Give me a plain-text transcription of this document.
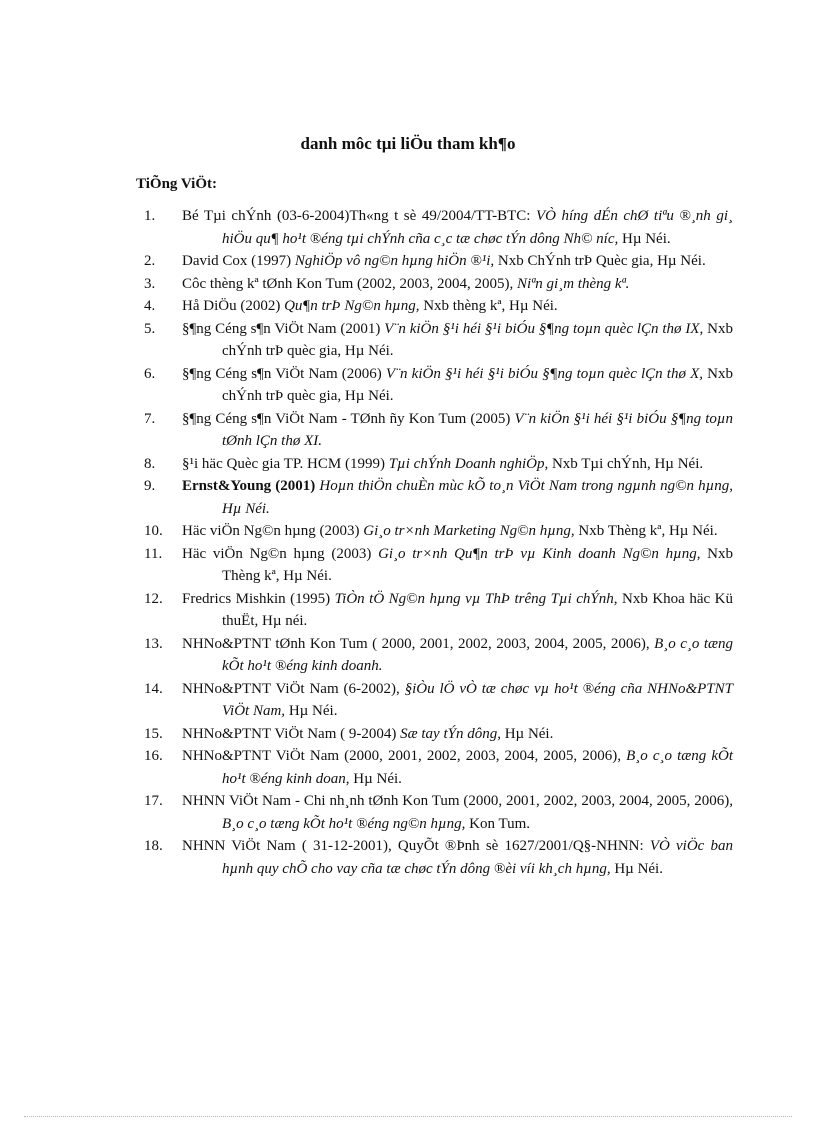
danh môc tµi liÖu tham kh¶o
TiÕng ViÖt:
1. Bé Tµi chÝnh (03-6-2004)Th«ng t sè 49/2004/TT-BTC: VÒ híng dÉn chØ tiªu ®¸nh gi¸ hiÖu qu¶ ho¹t ®éng tµi chÝnh cña c¸c tæ chøc tÝn dông Nh© níc, Hµ Néi.
2. David Cox (1997) NghiÖp vô ng©n hµng hiÖn ®¹i, Nxb ChÝnh trÞ Quèc gia, Hµ Néi.
3. Côc thèng kª tØnh Kon Tum (2002, 2003, 2004, 2005), Niªn gi¸m thèng kª.
4. Hå DiÖu (2002) Qu¶n trÞ Ng©n hµng, Nxb thèng kª, Hµ Néi.
5. §¶ng Céng s¶n ViÖt Nam (2001) V¨n kiÖn §¹i héi §¹i biÓu §¶ng toµn quèc lÇn thø IX, Nxb chÝnh trÞ quèc gia, Hµ Néi.
6. §¶ng Céng s¶n ViÖt Nam (2006) V¨n kiÖn §¹i héi §¹i biÓu §¶ng toµn quèc lÇn thø X, Nxb chÝnh trÞ quèc gia, Hµ Néi.
7. §¶ng Céng s¶n ViÖt Nam - TØnh ñy Kon Tum (2005) V¨n kiÖn §¹i héi §¹i biÓu §¶ng toµn tØnh lÇn thø XI.
8. §¹i häc Quèc gia TP. HCM (1999) Tµi chÝnh Doanh nghiÖp, Nxb Tµi chÝnh, Hµ Néi.
9. Ernst&Young (2001) Hoµn thiÖn chuÈn mùc kÕ to¸n ViÖt Nam trong ngµnh ng©n hµng, Hµ Néi.
10. Häc viÖn Ng©n hµng (2003) Gi¸o tr×nh Marketing Ng©n hµng, Nxb Thèng kª, Hµ Néi.
11. Häc viÖn Ng©n hµng (2003) Gi¸o tr×nh Qu¶n trÞ vµ Kinh doanh Ng©n hµng, Nxb Thèng kª, Hµ Néi.
12. Fredrics Mishkin (1995) TiÒn tÖ Ng©n hµng vµ ThÞ trêng Tµi chÝnh, Nxb Khoa häc Kü thuËt, Hµ néi.
13. NHNo&PTNT tØnh Kon Tum ( 2000, 2001, 2002, 2003, 2004, 2005, 2006), B¸o c¸o tæng kÕt ho¹t ®éng kinh doanh.
14. NHNo&PTNT ViÖt Nam (6-2002), §iÒu lÖ vÒ tæ chøc vµ ho¹t ®éng cña NHNo&PTNT ViÖt Nam, Hµ Néi.
15. NHNo&PTNT ViÖt Nam ( 9-2004) Sæ tay tÝn dông, Hµ Néi.
16. NHNo&PTNT ViÖt Nam (2000, 2001, 2002, 2003, 2004, 2005, 2006), B¸o c¸o tæng kÕt ho¹t ®éng kinh doan, Hµ Néi.
17. NHNN ViÖt Nam - Chi nh¸nh tØnh Kon Tum (2000, 2001, 2002, 2003, 2004, 2005, 2006), B¸o c¸o tæng kÕt ho¹t ®éng ng©n hµng, Kon Tum.
18. NHNN ViÖt Nam ( 31-12-2001), QuyÕt ®Þnh sè 1627/2001/Q§-NHNN: VÒ viÖc ban hµnh quy chÕ cho vay cña tæ chøc tÝn dông ®èi víi kh¸ch hµng, Hµ Néi.
